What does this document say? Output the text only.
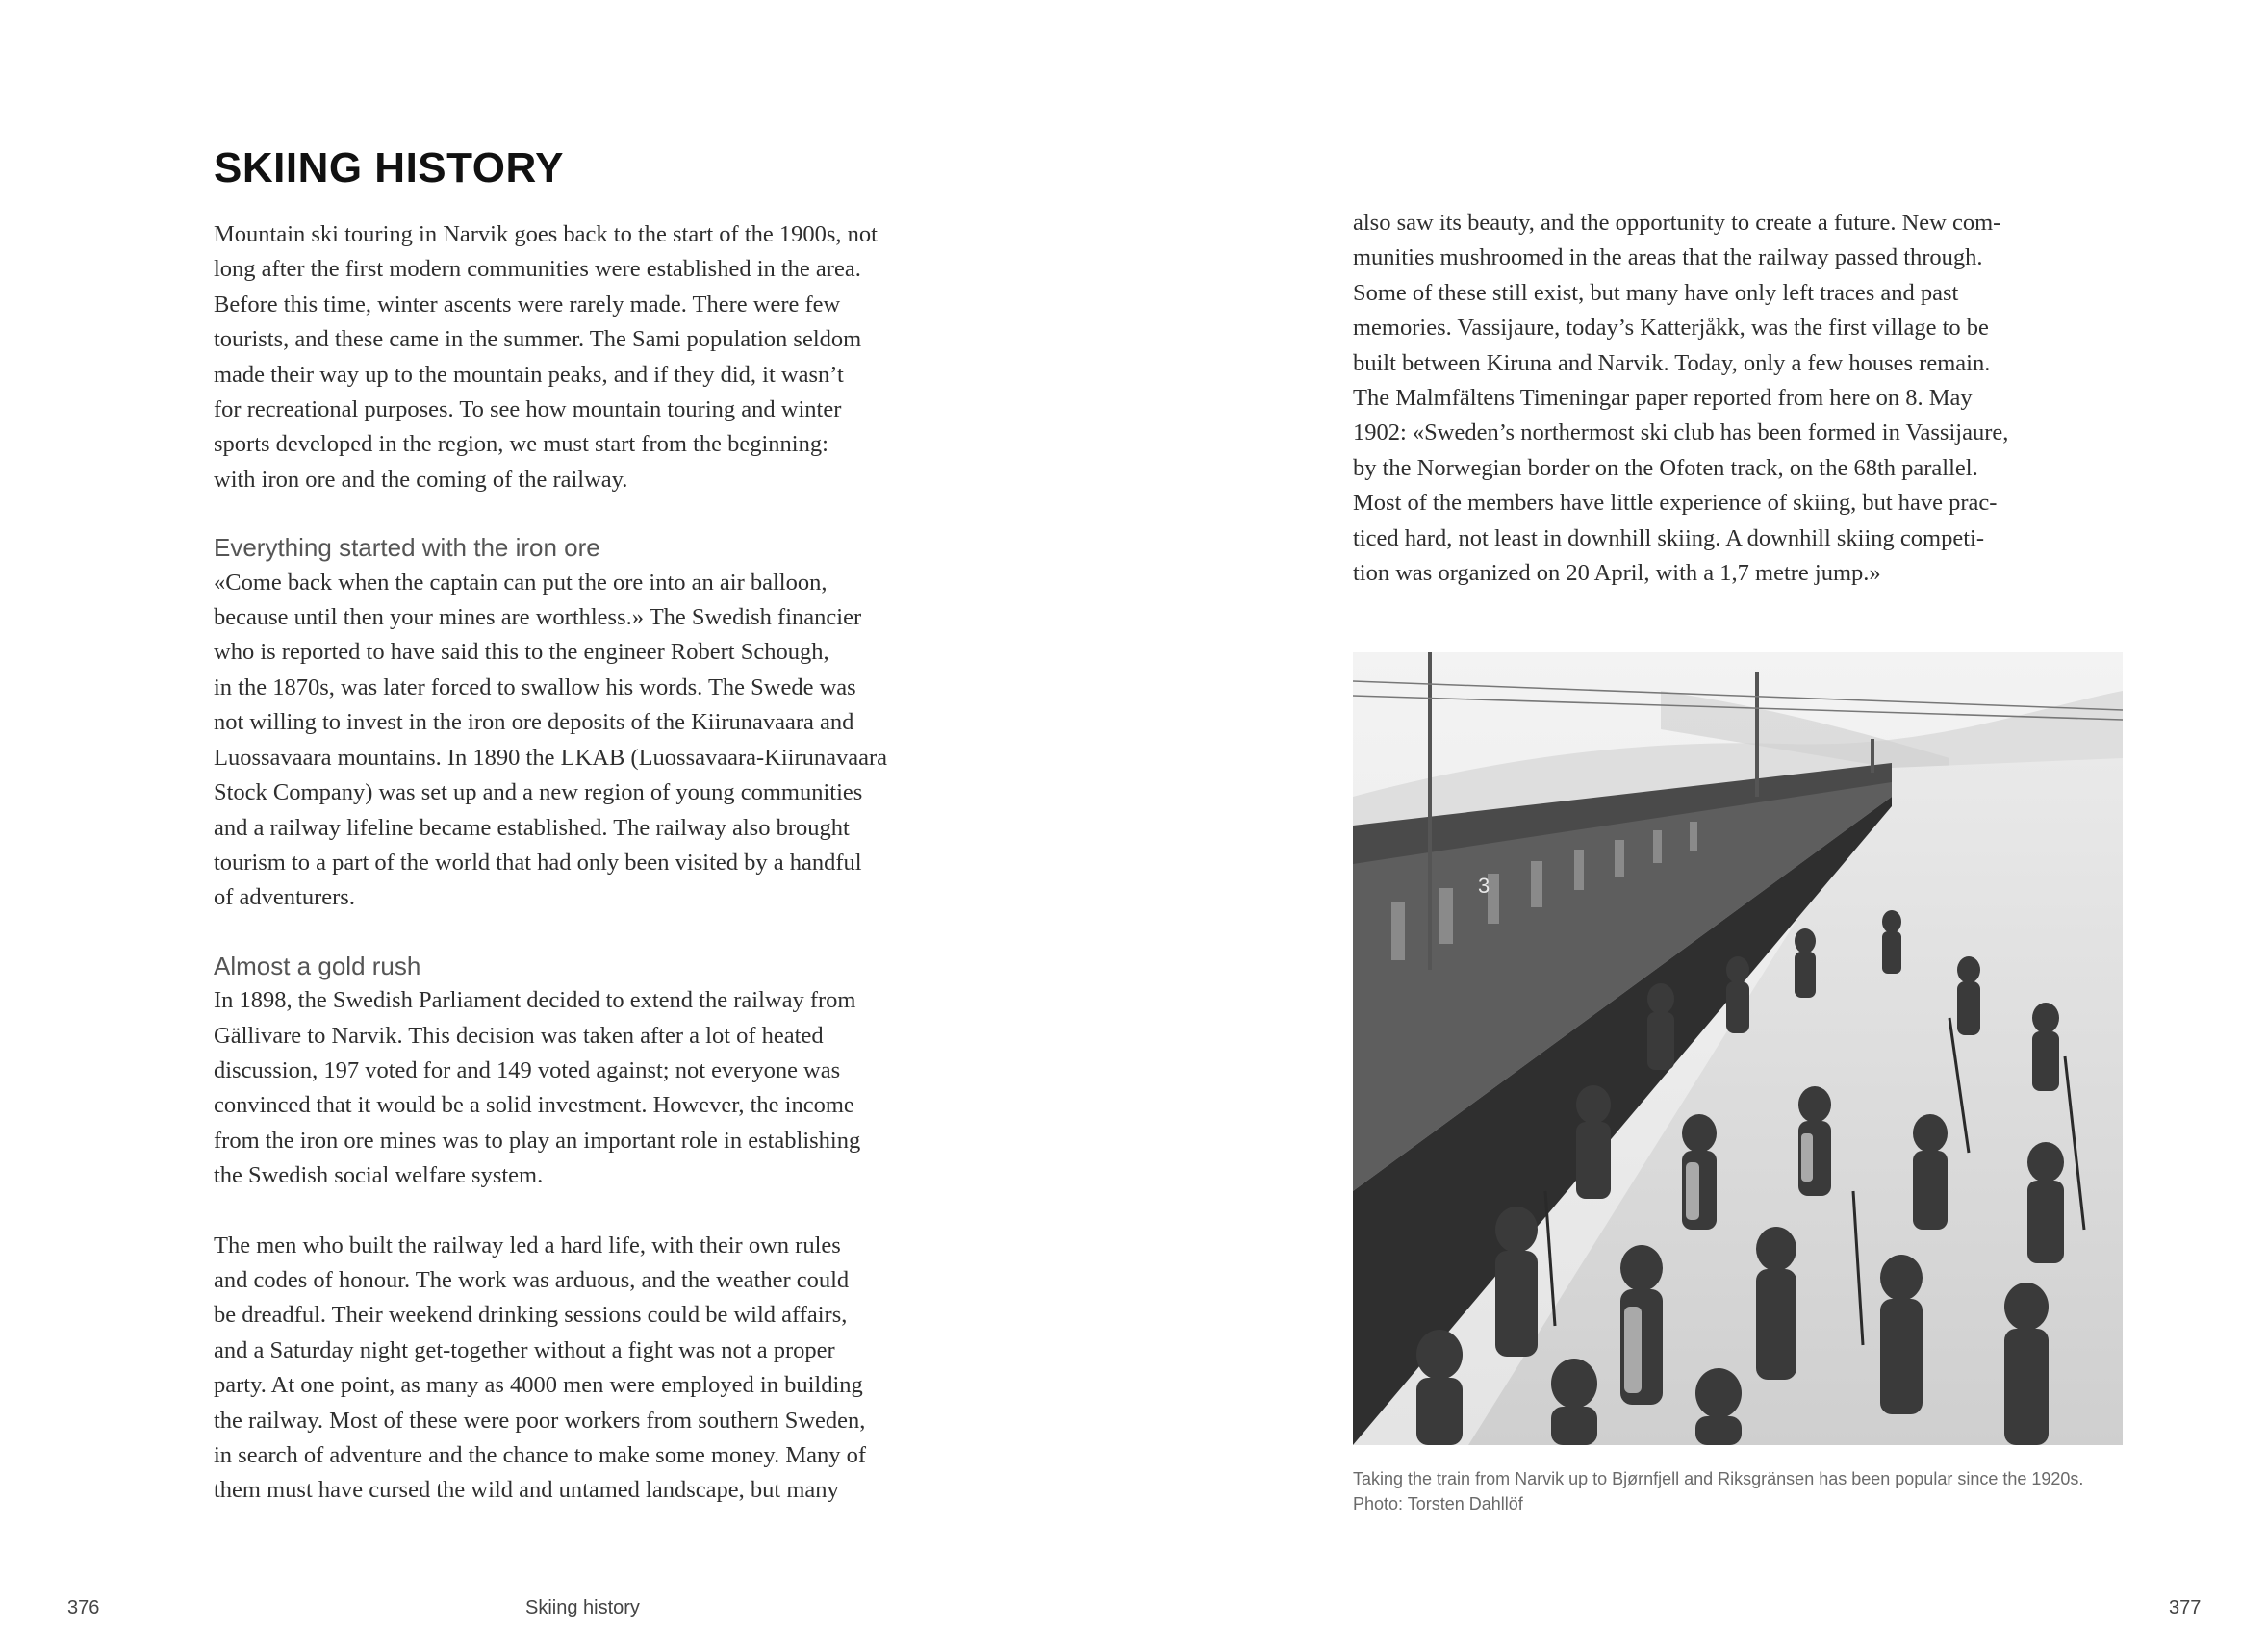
SKIING HISTORY
Mountain ski touring in Narvik goes back to the start of the 1900s, not
long after the first modern communities were established in the area.
Before this time, winter ascents were rarely made. There were few
tourists, and these came in the summer. The Sami population seldom
made their way up to the mountain peaks, and if they did, it wasn’t
for recreational purposes. To see how mountain touring and winter
sports developed in the region, we must start from the beginning:
with iron ore and the coming of the railway.
Everything started with the iron ore
«Come back when the captain can put the ore into an air balloon,
because until then your mines are worthless.» The Swedish financier
who is reported to have said this to the engineer Robert Schough,
in the 1870s, was later forced to swallow his words. The Swede was
not willing to invest in the iron ore deposits of the Kiirunavaara and
Luossavaara mountains. In 1890 the LKAB (Luossavaara-Kiirunavaara
Stock Company) was set up and a new region of young communities
and a railway lifeline became established. The railway also brought
tourism to a part of the world that had only been visited by a handful
of adventurers.
Almost a gold rush
In 1898, the Swedish Parliament decided to extend the railway from
Gällivare to Narvik. This decision was taken after a lot of heated
discussion, 197 voted for and 149 voted against; not everyone was
convinced that it would be a solid investment. However, the income
from the iron ore mines was to play an important role in establishing
the Swedish social welfare system.
The men who built the railway led a hard life, with their own rules
and codes of honour. The work was arduous, and the weather could
be dreadful. Their weekend drinking sessions could be wild affairs,
and a Saturday night get-together without a fight was not a proper
party. At one point, as many as 4000 men were employed in building
the railway. Most of these were poor workers from southern Sweden,
in search of adventure and the chance to make some money. Many of
them must have cursed the wild and untamed landscape, but many
376	Skiing history
also saw its beauty, and the opportunity to create a future. New com-
munities mushroomed in the areas that the railway passed through.
Some of these still exist, but many have only left traces and past
memories. Vassijaure, today’s Katterjåkk, was the first village to be
built between Kiruna and Narvik. Today, only a few houses remain.
The Malmfältens Timeningar paper reported from here on 8. May
1902: «Sweden’s northermost ski club has been formed in Vassijaure,
by the Norwegian border on the Ofoten track, on the 68th parallel.
Most of the members have little experience of skiing, but have prac-
ticed hard, not least in downhill skiing. A downhill skiing competi-
tion was organized on 20 April, with a 1,7 metre jump.»
3
Taking the train from Narvik up to Bjørnfjell and Riksgränsen has been popular since the 1920s.
Photo: Torsten Dahllöf
377
